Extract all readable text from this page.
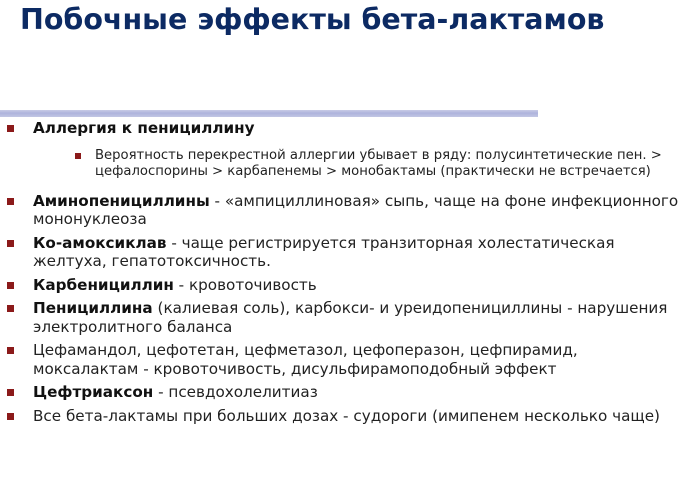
Побочные эффекты бета-лактамов
Аллергия к пенициллину
Вероятность перекрестной аллергии убывает в ряду: полусинтетические пен. > цефалоспорины > карбапенемы > монобактамы (практически не встречается)
Аминопенициллины - «ампициллиновая» сыпь, чаще на фоне инфекционного мононуклеоза
Ко-амоксиклав - чаще регистрируется транзиторная холестатическая желтуха, гепатотоксичность.
Карбенициллин - кровоточивость
Пенициллина (калиевая соль), карбокси- и уреидопенициллины - нарушения электролитного баланса
Цефамандол, цефотетан, цефметазол, цефоперазон, цефпирамид, моксалактам - кровоточивость, дисульфирамоподобный эффект
Цефтриаксон - псевдохолелитиаз
Все бета-лактамы при больших дозах - судороги (имипенем несколько чаще)
